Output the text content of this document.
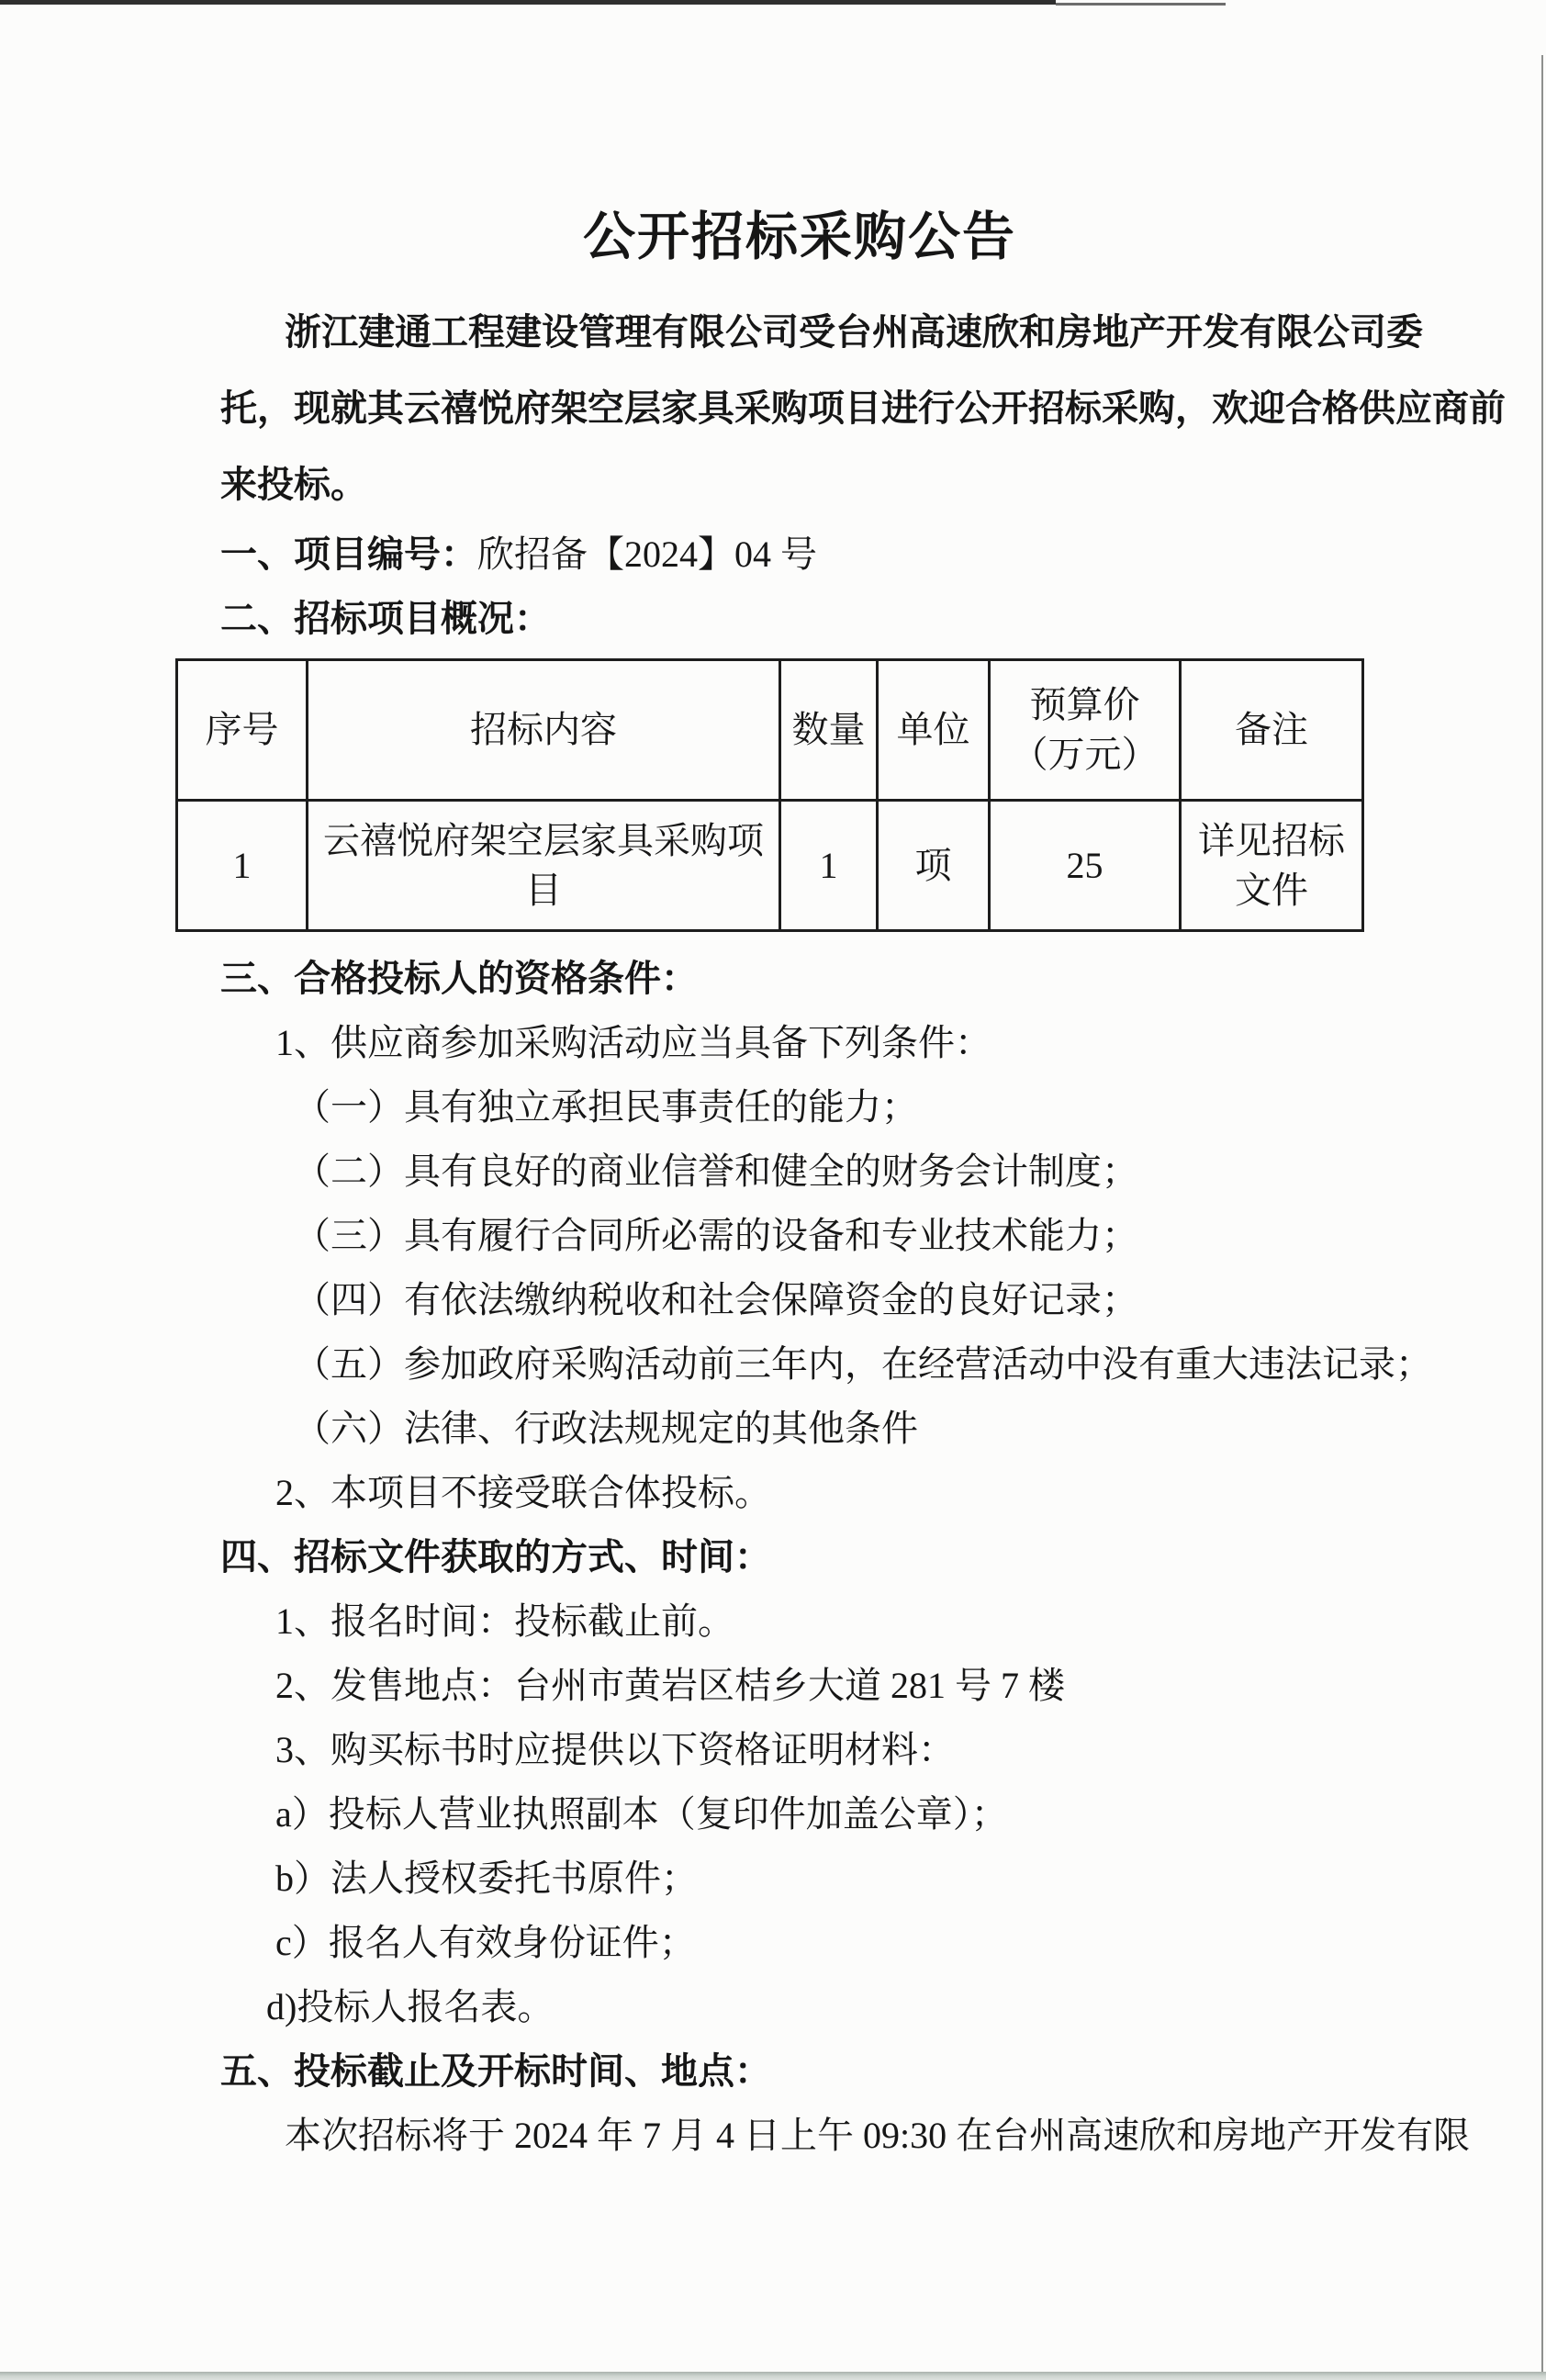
公开招标采购公告
浙江建通工程建设管理有限公司受台州高速欣和房地产开发有限公司委
托，现就其云禧悦府架空层家具采购项目进行公开招标采购，欢迎合格供应商前
来投标。
一、项目编号：欣招备【2024】04 号
二、招标项目概况：
序号	招标内容	数量	单位	预算价（万元）	备注
1	云禧悦府架空层家具采购项目	1	项	25	详见招标文件
三、合格投标人的资格条件：
1、供应商参加采购活动应当具备下列条件：
（一）具有独立承担民事责任的能力；
（二）具有良好的商业信誉和健全的财务会计制度；
（三）具有履行合同所必需的设备和专业技术能力；
（四）有依法缴纳税收和社会保障资金的良好记录；
（五）参加政府采购活动前三年内，在经营活动中没有重大违法记录；
（六）法律、行政法规规定的其他条件
2、本项目不接受联合体投标。
四、招标文件获取的方式、时间：
1、报名时间：投标截止前。
2、发售地点：台州市黄岩区桔乡大道 281 号 7 楼
3、购买标书时应提供以下资格证明材料：
a）投标人营业执照副本（复印件加盖公章）；
b）法人授权委托书原件；
c）报名人有效身份证件；
d)投标人报名表。
五、投标截止及开标时间、地点：
本次招标将于 2024 年 7 月 4 日上午 09:30 在台州高速欣和房地产开发有限
